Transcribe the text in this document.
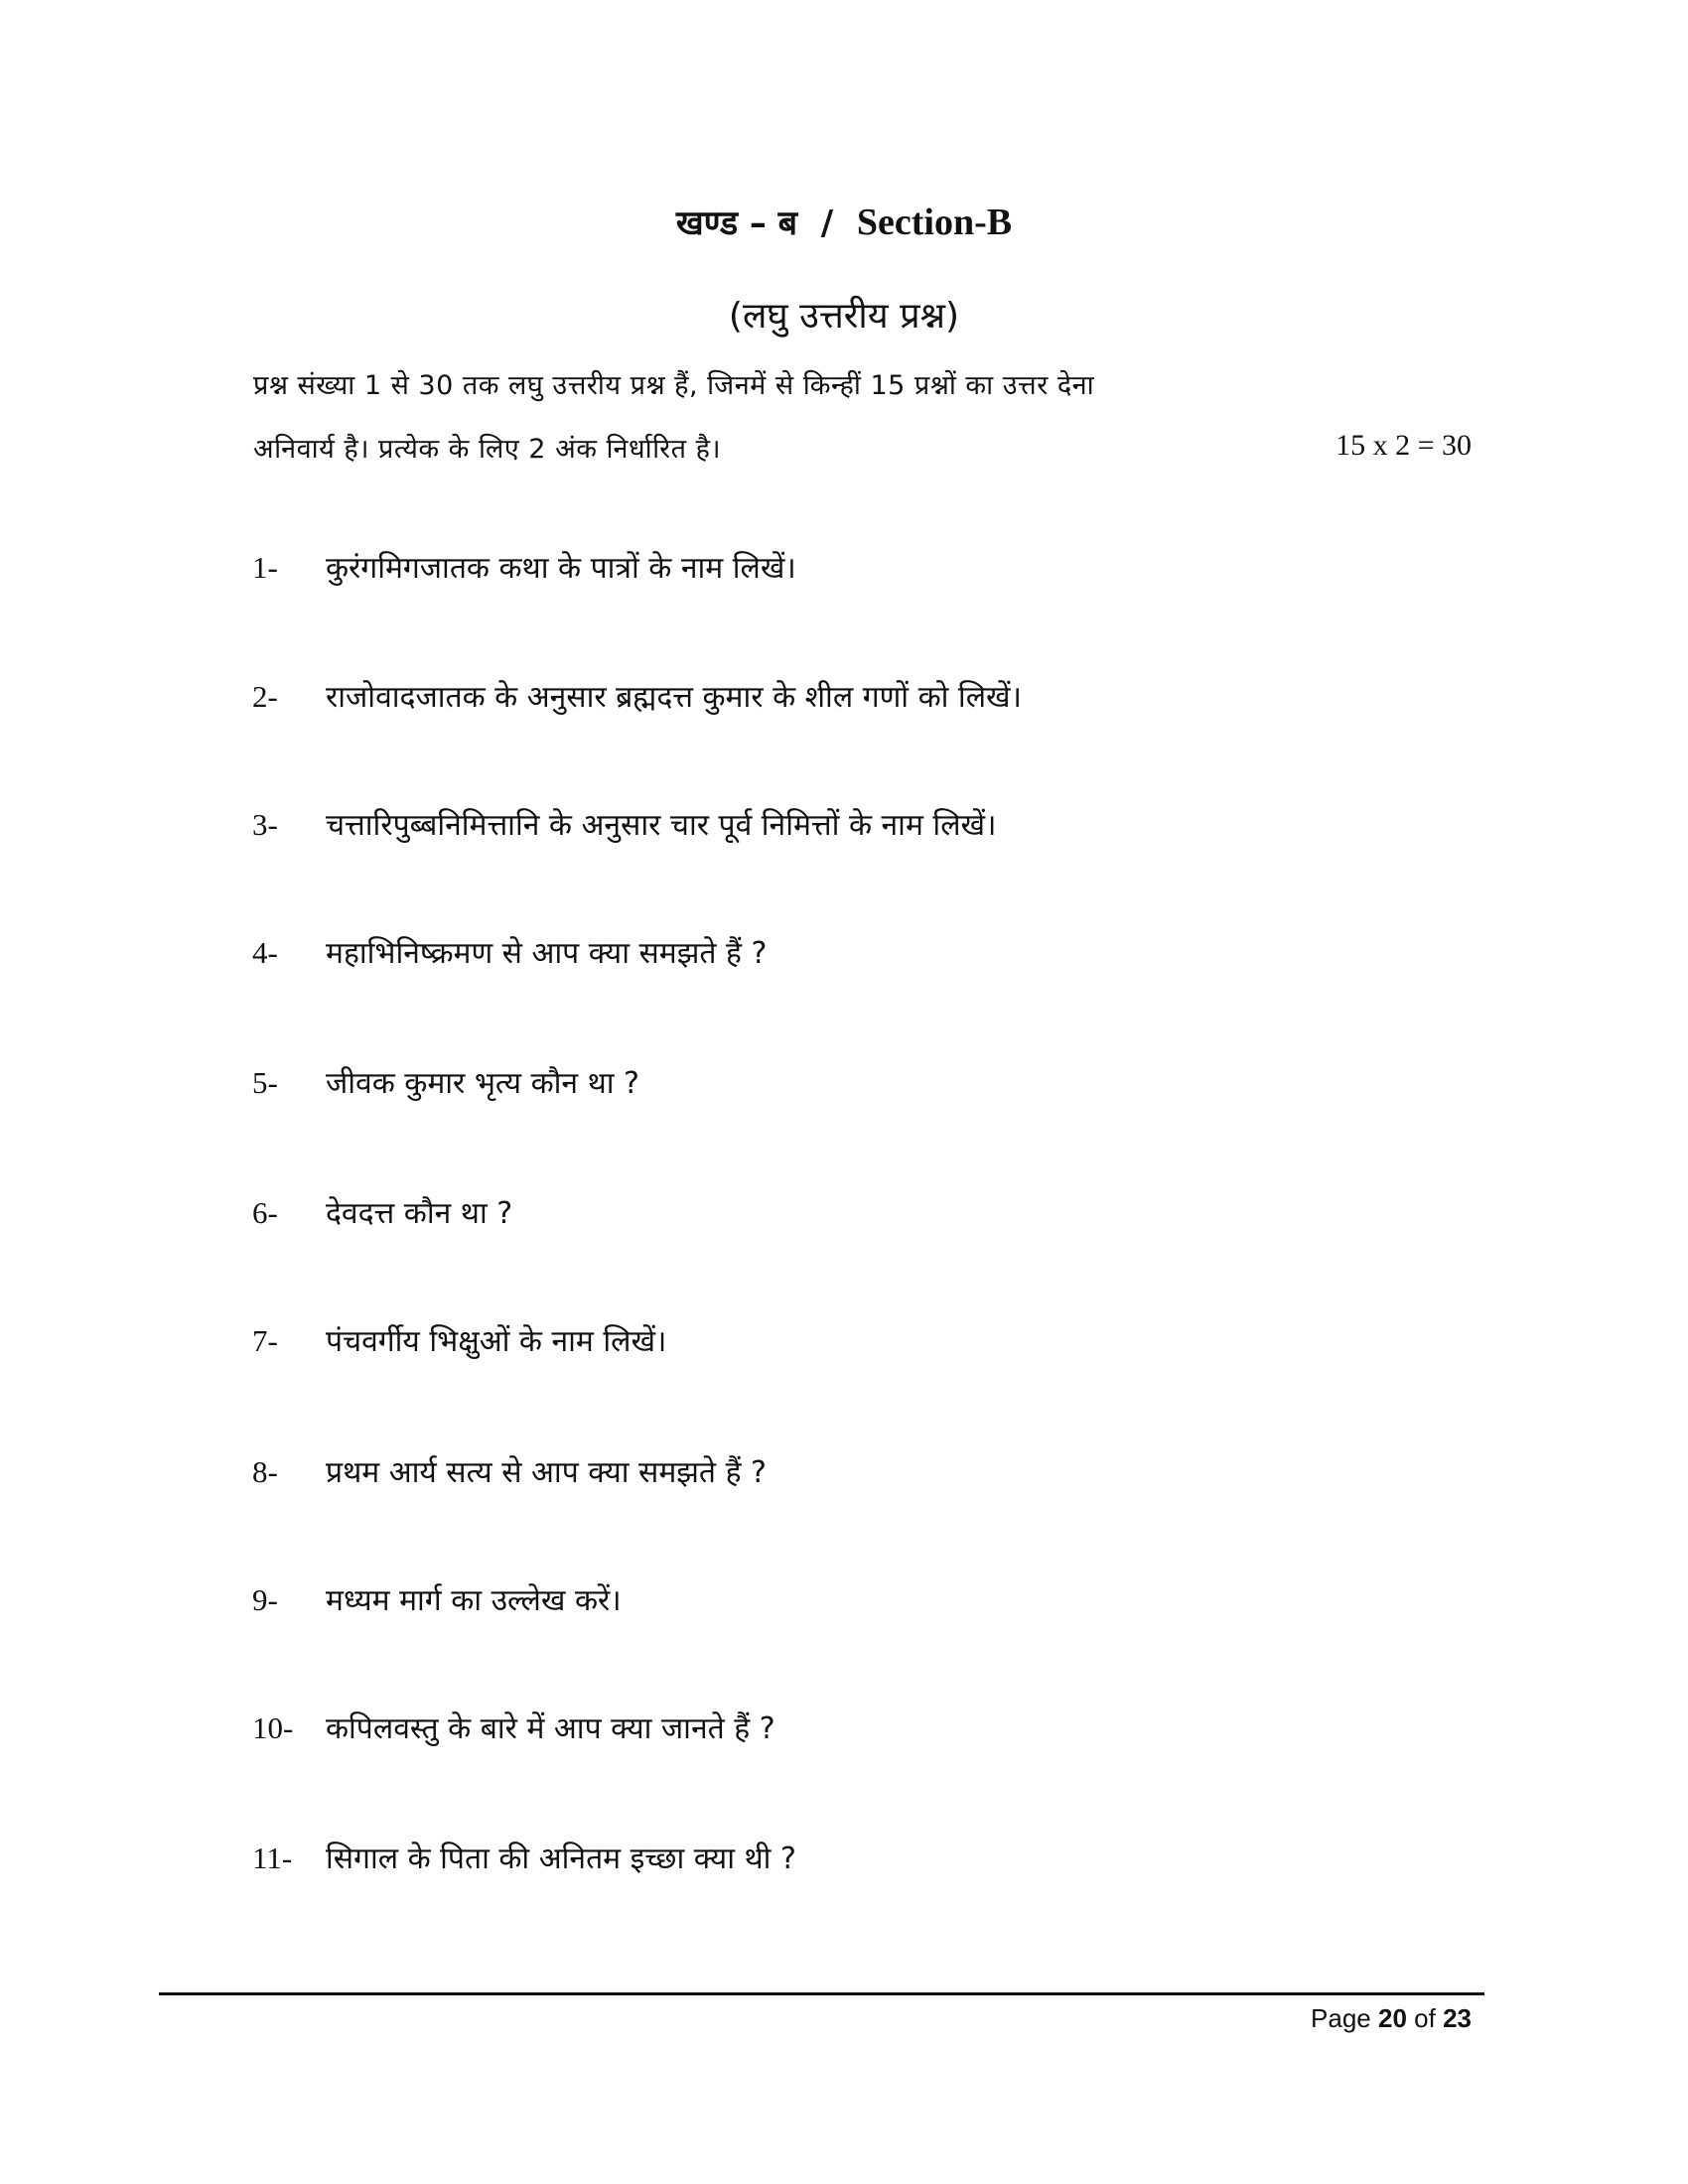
खण्ड – ब / Section-B
(लघु उत्तरीय प्रश्न)
प्रश्न संख्या 1 से 30 तक लघु उत्तरीय प्रश्न हैं, जिनमें से किन्हीं 15 प्रश्नों का उत्तर देना
अनिवार्य है। प्रत्येक के लिए 2 अंक निर्धारित है।	15 x 2 = 30
1- कुरंगमिगजातक कथा के पात्रों के नाम लिखें।
2- राजोवादजातक के अनुसार ब्रह्मदत्त कुमार के शील गणों को लिखें।
3- चत्तारिपुब्बनिमित्तानि के अनुसार चार पूर्व निमित्तों के नाम लिखें।
4- महाभिनिष्क्रमण से आप क्या समझते हैं ?
5- जीवक कुमार भृत्य कौन था ?
6- देवदत्त कौन था ?
7- पंचवर्गीय भिक्षुओं के नाम लिखें।
8- प्रथम आर्य सत्य से आप क्या समझते हैं ?
9- मध्यम मार्ग का उल्लेख करें।
10- कपिलवस्तु के बारे में आप क्या जानते हैं ?
11- सिगाल के पिता की अनितम इच्छा क्या थी ?
Page 20 of 23
